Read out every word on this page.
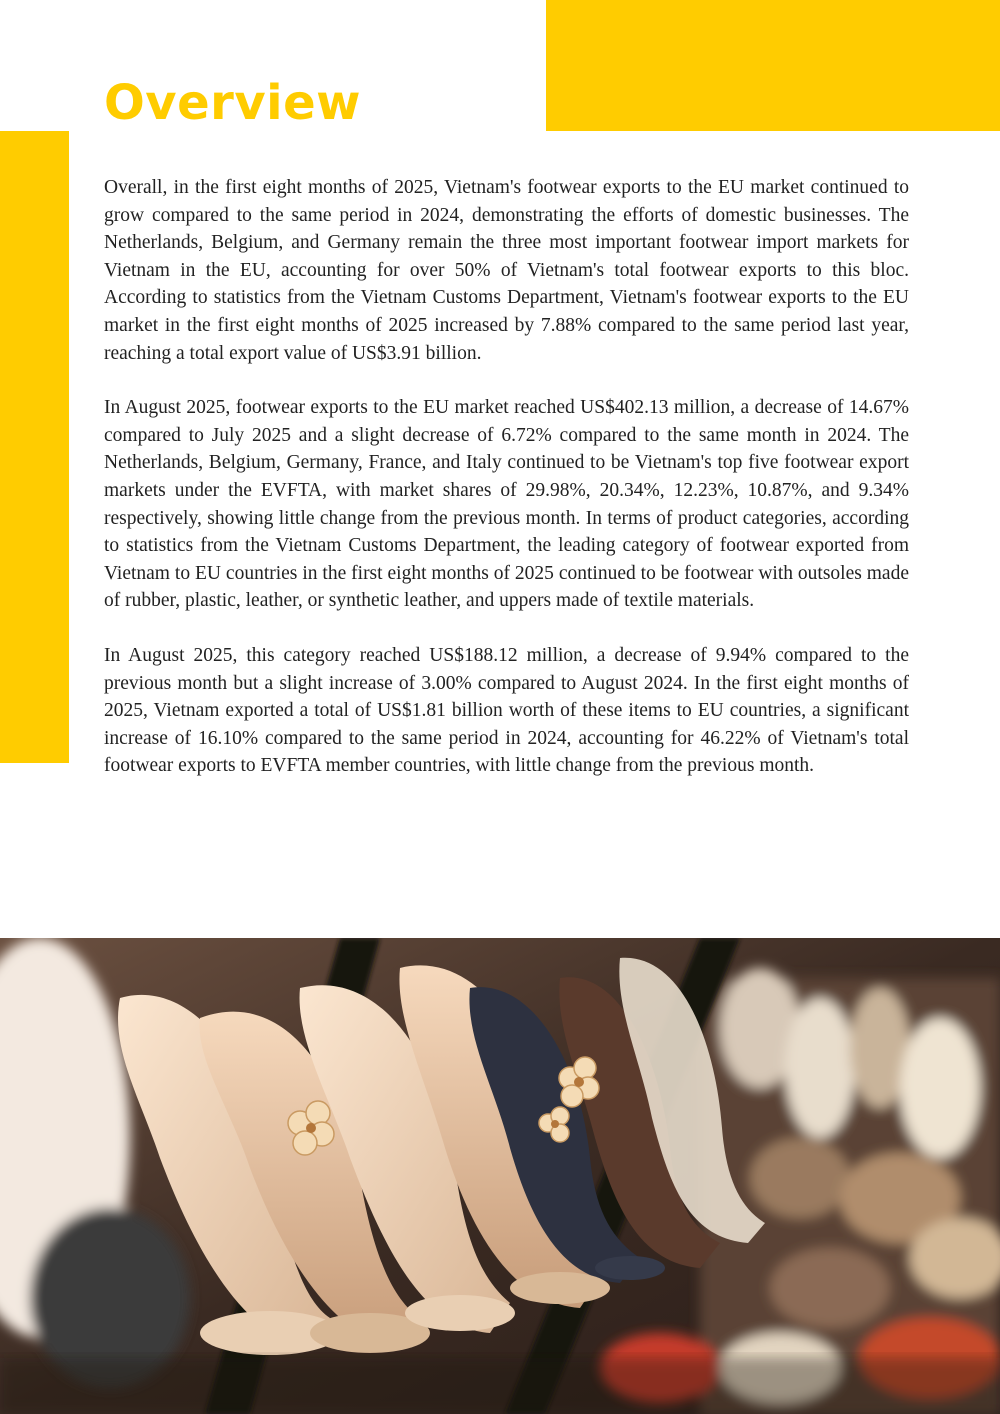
Overview

Overall, in the first eight months of 2025, Vietnam's footwear exports to the EU market continued to grow compared to the same period in 2024, demonstrating the efforts of domestic businesses. The Netherlands, Belgium, and Germany remain the three most important footwear import markets for Vietnam in the EU, accounting for over 50% of Vietnam's total footwear exports to this bloc. According to statistics from the Vietnam Customs Department, Vietnam's footwear exports to the EU market in the first eight months of 2025 increased by 7.88% compared to the same period last year, reaching a total export value of US$3.91 billion.

In August 2025, footwear exports to the EU market reached US$402.13 million, a decrease of 14.67% compared to July 2025 and a slight decrease of 6.72% compared to the same month in 2024. The Netherlands, Belgium, Germany, France, and Italy continued to be Vietnam's top five footwear export markets under the EVFTA, with market shares of 29.98%, 20.34%, 12.23%, 10.87%, and 9.34% respectively, showing little change from the previous month. In terms of product categories, according to statistics from the Vietnam Customs Department, the leading category of footwear exported from Vietnam to EU countries in the first eight months of 2025 continued to be footwear with outsoles made of rubber, plastic, leather, or synthetic leather, and uppers made of textile materials.

In August 2025, this category reached US$188.12 million, a decrease of 9.94% compared to the previous month but a slight increase of 3.00% compared to August 2024. In the first eight months of 2025, Vietnam exported a total of US$1.81 billion worth of these items to EU countries, a significant increase of 16.10% compared to the same period in 2024, accounting for 46.22% of Vietnam's total footwear exports to EVFTA member countries, with little change from the previous month.
